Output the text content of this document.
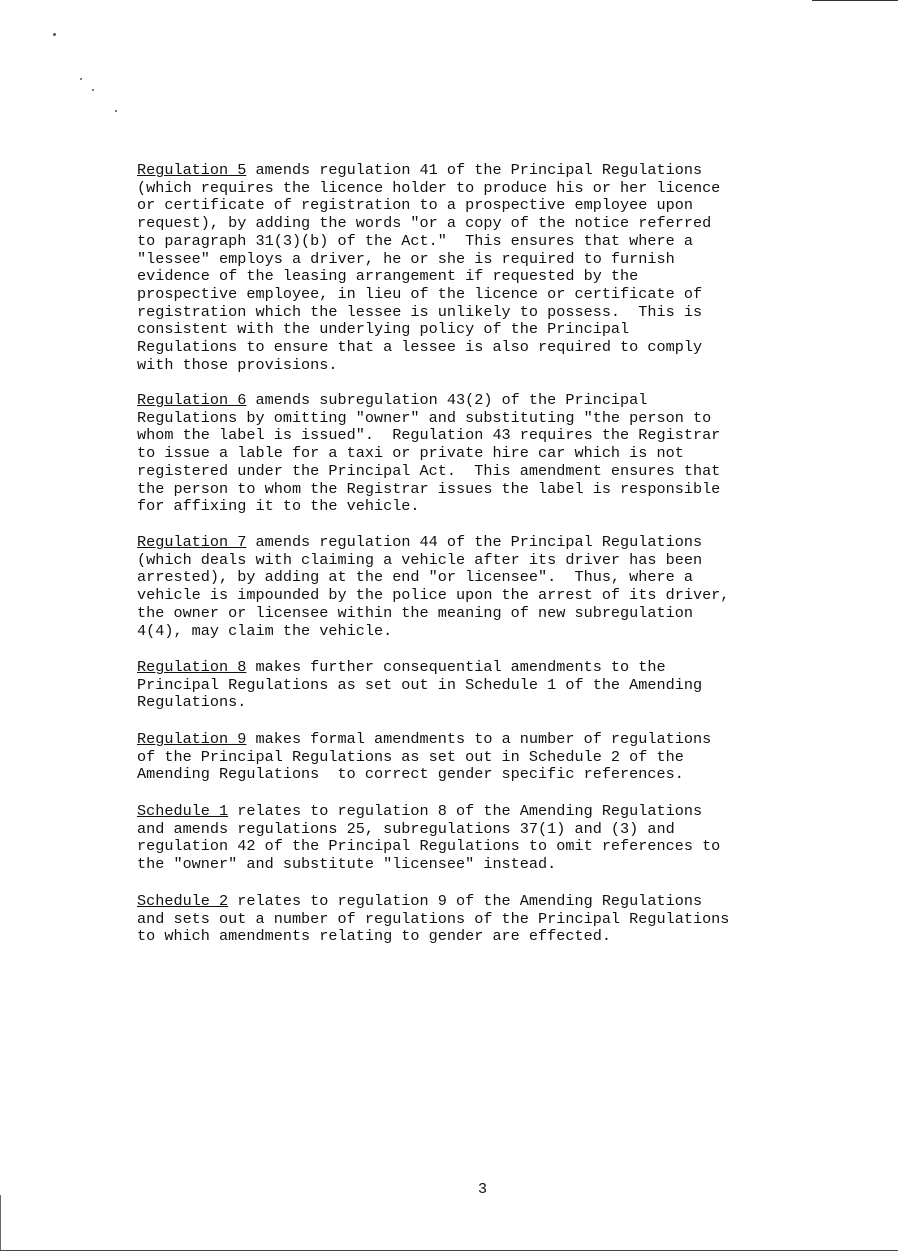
Regulation 5 amends regulation 41 of the Principal Regulations
(which requires the licence holder to produce his or her licence
or certificate of registration to a prospective employee upon
request), by adding the words "or a copy of the notice referred
to paragraph 31(3)(b) of the Act."  This ensures that where a
"lessee" employs a driver, he or she is required to furnish
evidence of the leasing arrangement if requested by the
prospective employee, in lieu of the licence or certificate of
registration which the lessee is unlikely to possess.  This is
consistent with the underlying policy of the Principal
Regulations to ensure that a lessee is also required to comply
with those provisions.
Regulation 6 amends subregulation 43(2) of the Principal
Regulations by omitting "owner" and substituting "the person to
whom the label is issued".  Regulation 43 requires the Registrar
to issue a lable for a taxi or private hire car which is not
registered under the Principal Act.  This amendment ensures that
the person to whom the Registrar issues the label is responsible
for affixing it to the vehicle.
Regulation 7 amends regulation 44 of the Principal Regulations
(which deals with claiming a vehicle after its driver has been
arrested), by adding at the end "or licensee".  Thus, where a
vehicle is impounded by the police upon the arrest of its driver,
the owner or licensee within the meaning of new subregulation
4(4), may claim the vehicle.
Regulation 8 makes further consequential amendments to the
Principal Regulations as set out in Schedule 1 of the Amending
Regulations.
Regulation 9 makes formal amendments to a number of regulations
of the Principal Regulations as set out in Schedule 2 of the
Amending Regulations  to correct gender specific references.
Schedule 1 relates to regulation 8 of the Amending Regulations
and amends regulations 25, subregulations 37(1) and (3) and
regulation 42 of the Principal Regulations to omit references to
the "owner" and substitute "licensee" instead.
Schedule 2 relates to regulation 9 of the Amending Regulations
and sets out a number of regulations of the Principal Regulations
to which amendments relating to gender are effected.
3
